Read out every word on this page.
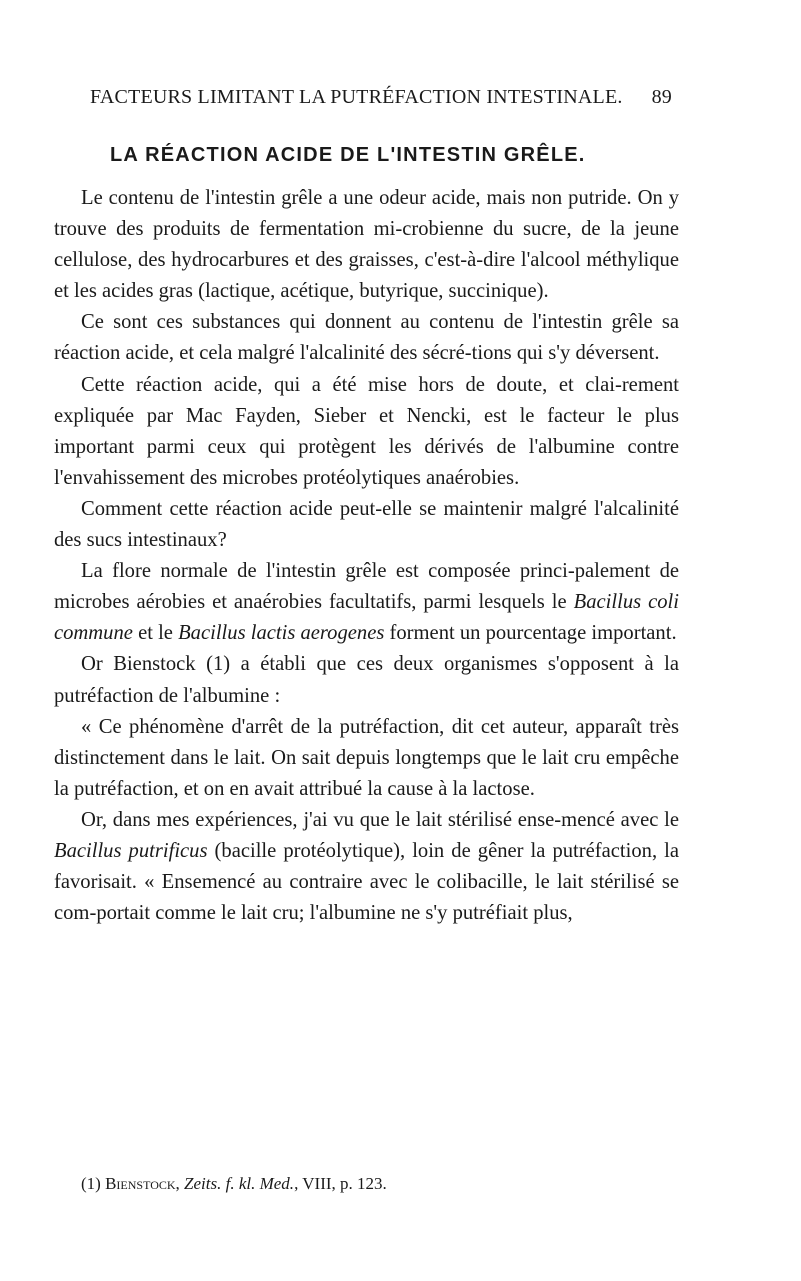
FACTEURS LIMITANT LA PUTRÉFACTION INTESTINALE. 89
LA RÉACTION ACIDE DE L'INTESTIN GRÊLE.

Le contenu de l'intestin grêle a une odeur acide, mais non putride. On y trouve des produits de fermentation mi-crobienne du sucre, de la jeune cellulose, des hydrocarbures et des graisses, c'est-à-dire l'alcool méthylique et les acides gras (lactique, acétique, butyrique, succinique).

Ce sont ces substances qui donnent au contenu de l'intestin grêle sa réaction acide, et cela malgré l'alcalinité des sécré-tions qui s'y déversent.

Cette réaction acide, qui a été mise hors de doute, et clai-rement expliquée par Mac Fayden, Sieber et Nencki, est le facteur le plus important parmi ceux qui protègent les dérivés de l'albumine contre l'envahissement des microbes protéolytiques anaérobies.

Comment cette réaction acide peut-elle se maintenir malgré l'alcalinité des sucs intestinaux?

La flore normale de l'intestin grêle est composée princi-palement de microbes aérobies et anaérobies facultatifs, parmi lesquels le Bacillus coli commune et le Bacillus lactis aerogenes forment un pourcentage important.

Or Bienstock (1) a établi que ces deux organismes s'opposent à la putréfaction de l'albumine :

« Ce phénomène d'arrêt de la putréfaction, dit cet auteur, apparaît très distinctement dans le lait. On sait depuis longtemps que le lait cru empêche la putréfaction, et on en avait attribué la cause à la lactose.

Or, dans mes expériences, j'ai vu que le lait stérilisé ense-mencé avec le Bacillus putrificus (bacille protéolytique), loin de gêner la putréfaction, la favorisait. « Ensemencé au contraire avec le colibacille, le lait stérilisé se com-portait comme le lait cru; l'albumine ne s'y putréfiait plus,

(1) Bienstock, Zeits. f. kl. Med., VIII, p. 123.
